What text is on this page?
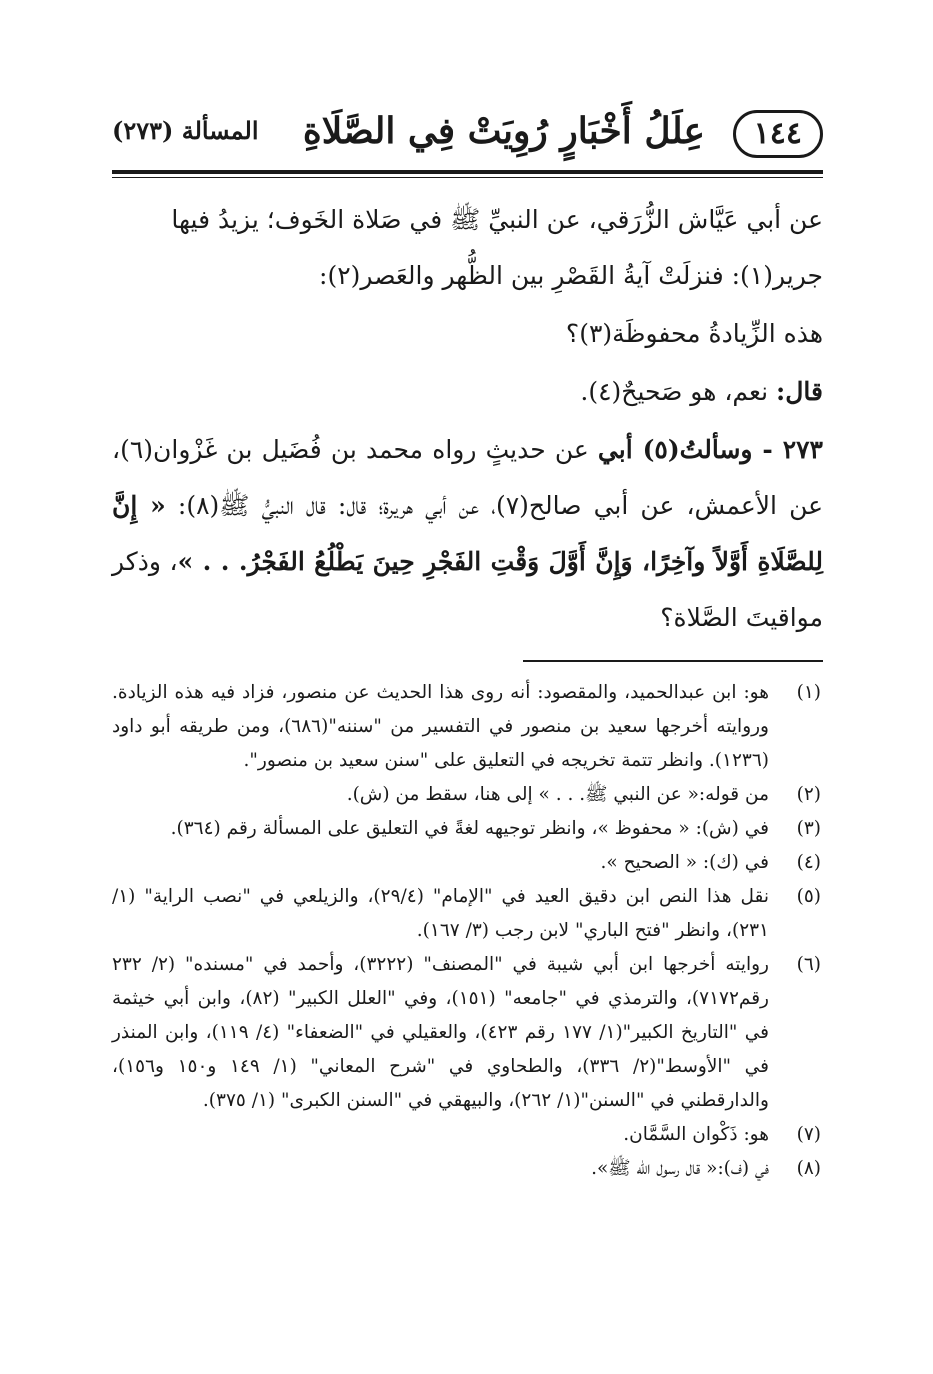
١٤٤
عِلَلُ أَخْبَارٍ رُوِيَتْ فِي الصَّلَاةِ
المسألة (٢٧٣)

عن أبي عَيَّاش الزُّرَقي، عن النبيِّ ﷺ في صَلاة الخَوف؛ يزيدُ فيها

جرير(١): فنزلَتْ آيةُ القَصْرِ بين الظُّهر والعَصر(٢):

هذه الزِّيادةُ محفوظَة(٣)؟

قال: نعم، هو صَحيحٌ(٤).

٢٧٣ - وسألتُ(٥) أبي عن حديثٍ رواه محمد بن فُضَيل بن غَزْوان(٦)، عن الأعمش، عن أبي صالح(٧)، عن أبي هريرة؛ قال: قال النبيُّ ﷺ(٨): « إِنَّ لِلصَّلَاةِ أَوَّلاً وآخِرًا، وَإِنَّ أَوَّلَ وَقْتِ الفَجْرِ حِينَ يَطْلُعُ الفَجْرُ. . . »، وذكر مواقيتَ الصَّلاة؟

(١)
هو: ابن عبدالحميد، والمقصود: أنه روى هذا الحديث عن منصور، فزاد فيه هذه الزيادة. وروايته أخرجها سعيد بن منصور في التفسير من "سننه"(٦٨٦)، ومن طريقه أبو داود (١٢٣٦). وانظر تتمة تخريجه في التعليق على "سنن سعيد بن منصور".
(٢)
من قوله:« عن النبي ﷺ. . . » إلى هنا، سقط من (ش).
(٣)
في (ش): « محفوظ »، وانظر توجيهه لغةً في التعليق على المسألة رقم (٣٦٤).
(٤)
في (ك): « الصحيح ».
(٥)
نقل هذا النص ابن دقيق العيد في "الإمام" (٢٩/٤)، والزيلعي في "نصب الراية" (١/ ٢٣١)، وانظر "فتح الباري" لابن رجب (٣/ ١٦٧).
(٦)
روايته أخرجها ابن أبي شيبة في "المصنف" (٣٢٢٢)، وأحمد في "مسنده" (٢/ ٢٣٢ رقم٧١٧٢)، والترمذي في "جامعه" (١٥١)، وفي "العلل الكبير" (٨٢)، وابن أبي خيثمة في "التاريخ الكبير"(١/ ١٧٧ رقم ٤٢٣)، والعقيلي في "الضعفاء" (٤/ ١١٩)، وابن المنذر في "الأوسط"(٢/ ٣٣٦)، والطحاوي في "شرح المعاني" (١/ ١٤٩ و١٥٠ و١٥٦)، والدارقطني في "السنن"(١/ ٢٦٢)، والبيهقي في "السنن الكبرى" (١/ ٣٧٥).
(٧)
هو: ذَكْوان السَّمَّان.
(٨)
في (ف):« قال رسول الله ﷺ».
